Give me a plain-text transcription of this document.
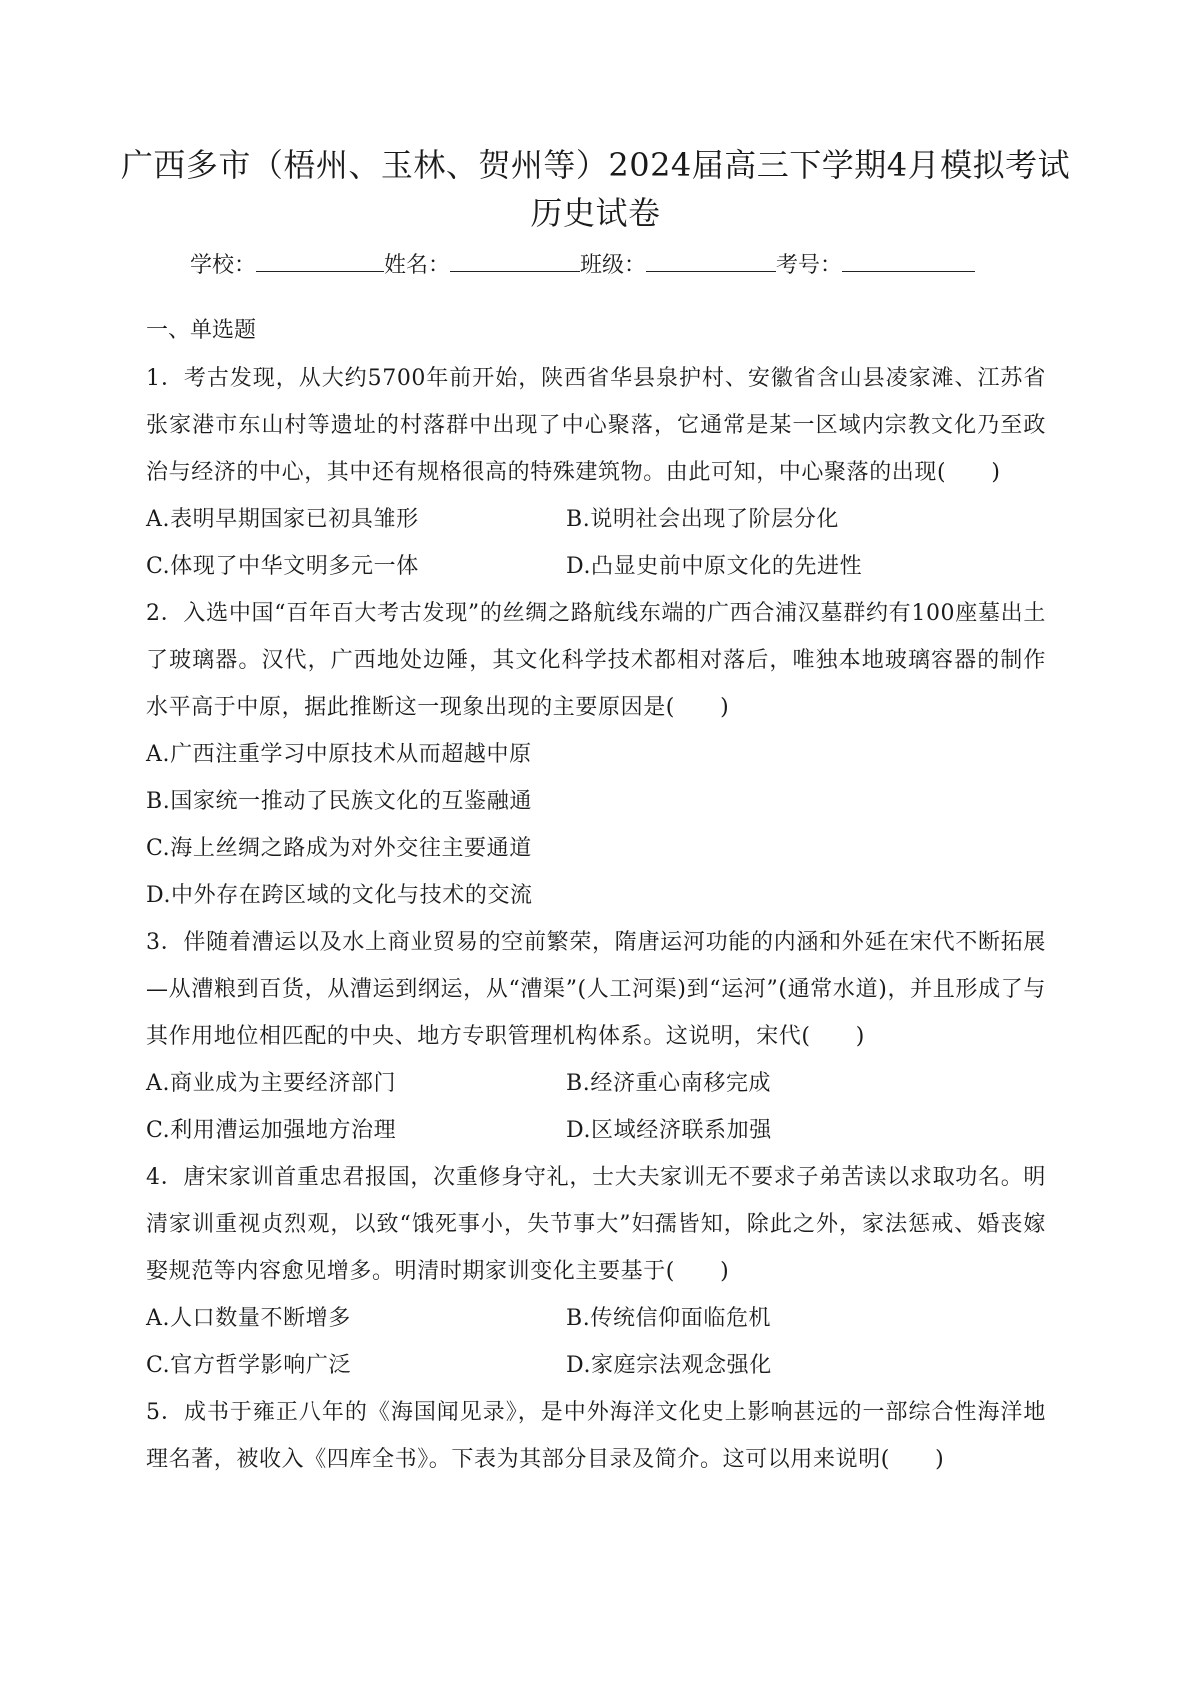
广西多市（梧州、玉林、贺州等）2024届高三下学期4月模拟考试
历史试卷
学校：	姓名：	班级：	考号：
一、单选题

1．考古发现，从大约5700年前开始，陕西省华县泉护村、安徽省含山县凌家滩、江苏省张家港市东山村等遗址的村落群中出现了中心聚落，它通常是某一区域内宗教文化乃至政治与经济的中心，其中还有规格很高的特殊建筑物。由此可知，中心聚落的出现(　　)

A.表明早期国家已初具雏形	B.说明社会出现了阶层分化
C.体现了中华文明多元一体	D.凸显史前中原文化的先进性

2．入选中国“百年百大考古发现”的丝绸之路航线东端的广西合浦汉墓群约有100座墓出土了玻璃器。汉代，广西地处边陲，其文化科学技术都相对落后，唯独本地玻璃容器的制作水平高于中原，据此推断这一现象出现的主要原因是(　　)

A.广西注重学习中原技术从而超越中原

B.国家统一推动了民族文化的互鉴融通

C.海上丝绸之路成为对外交往主要通道

D.中外存在跨区域的文化与技术的交流

3．伴随着漕运以及水上商业贸易的空前繁荣，隋唐运河功能的内涵和外延在宋代不断拓展—从漕粮到百货，从漕运到纲运，从“漕渠”(人工河渠)到“运河”(通常水道)，并且形成了与其作用地位相匹配的中央、地方专职管理机构体系。这说明，宋代(　　)

A.商业成为主要经济部门	B.经济重心南移完成
C.利用漕运加强地方治理	D.区域经济联系加强

4．唐宋家训首重忠君报国，次重修身守礼，士大夫家训无不要求子弟苦读以求取功名。明清家训重视贞烈观，以致“饿死事小，失节事大”妇孺皆知，除此之外，家法惩戒、婚丧嫁娶规范等内容愈见增多。明清时期家训变化主要基于(　　)

A.人口数量不断增多	B.传统信仰面临危机
C.官方哲学影响广泛	D.家庭宗法观念强化

5．成书于雍正八年的《海国闻见录》，是中外海洋文化史上影响甚远的一部综合性海洋地理名著，被收入《四库全书》。下表为其部分目录及简介。这可以用来说明(　　)
